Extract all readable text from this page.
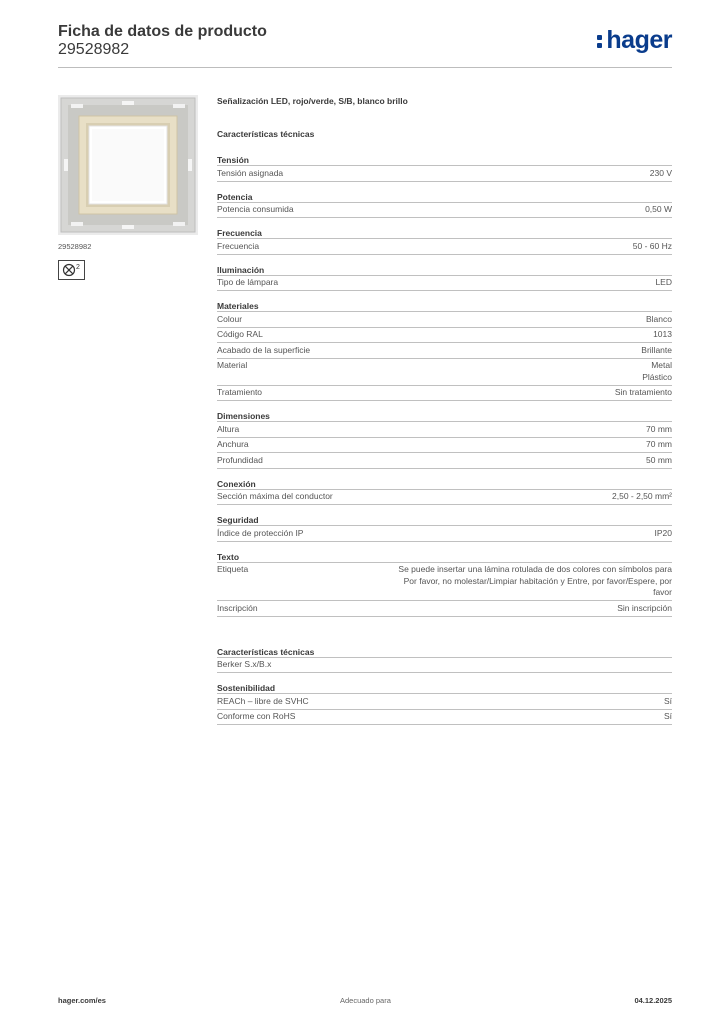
Ficha de datos de producto
29528982	hager
29528982
2
Señalización LED, rojo/verde, S/B, blanco brillo
Características técnicas
Tensión
Tensión asignada	230 V
Potencia
Potencia consumida	0,50 W
Frecuencia
Frecuencia	50 - 60 Hz
Iluminación
Tipo de lámpara	LED
Materiales
Colour	Blanco
Código RAL	1013
Acabado de la superficie	Brillante
Material	Metal
Plástico
Tratamiento	Sin tratamiento
Dimensiones
Altura	70 mm
Anchura	70 mm
Profundidad	50 mm
Conexión
Sección máxima del conductor	2,50 - 2,50 mm²
Seguridad
Índice de protección IP	IP20
Texto
Etiqueta	Se puede insertar una lámina rotulada de dos colores con símbolos para
Por favor, no molestar/Limpiar habitación y Entre, por favor/Espere, por
favor
Inscripción	Sin inscripción
Características técnicas
Berker S.x/B.x
Sostenibilidad
REACh – libre de SVHC	Sí
Conforme con RoHS	Sí
hager.com/es	Adecuado para	04.12.2025
